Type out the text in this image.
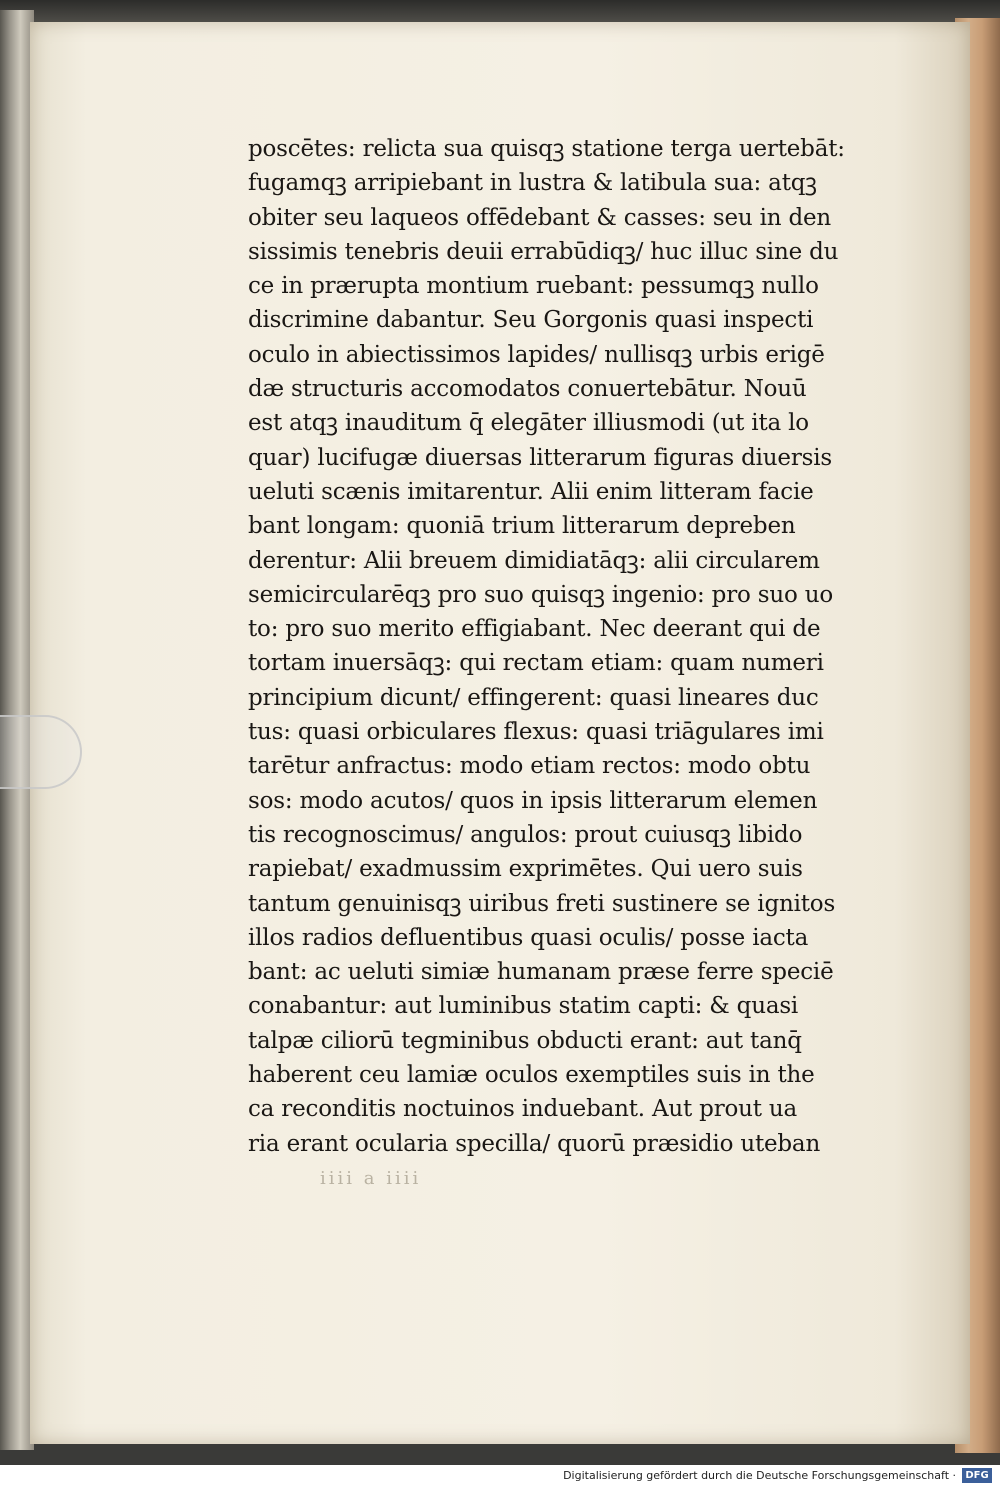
poscētes: relicta sua quisqꝫ statione terga uertebāt:
fugamqꝫ arripiebant in lustra & latibula sua: atqꝫ
obiter seu laqueos offēdebant & casses: seu in den
sissimis tenebris deuii errabūdiqꝫ/ huc illuc sine du
ce in prærupta montium ruebant: pessumqꝫ nullo
discrimine dabantur. Seu Gorgonis quasi inspecti
oculo in abiectissimos lapides/ nullisqꝫ urbis erigē
dæ structuris accomodatos conuertebātur. Nouū
est atqꝫ inauditum q̄ elegāter illiusmodi (ut ita lo
quar) lucifugæ diuersas litterarum figuras diuersis
ueluti scænis imitarentur. Alii enim litteram facie
bant longam: quoniā trium litterarum depreben
derentur: Alii breuem dimidiatāqꝫ: alii circularem
semicircularēqꝫ pro suo quisqꝫ ingenio: pro suo uo
to: pro suo merito effigiabant. Nec deerant qui de
tortam inuersāqꝫ: qui rectam etiam: quam numeri
principium dicunt/ effingerent: quasi lineares duc
tus: quasi orbiculares flexus: quasi triāgulares imi
tarētur anfractus: modo etiam rectos: modo obtu
sos: modo acutos/ quos in ipsis litterarum elemen
tis recognoscimus/ angulos: prout cuiusqꝫ libido
rapiebat/ exadmussim exprimētes. Qui uero suis
tantum genuinisqꝫ uiribus freti sustinere se ignitos
illos radios defluentibus quasi oculis/ posse iacta
bant: ac ueluti simiæ humanam præse ferre speciē
conabantur: aut luminibus statim capti: & quasi
talpæ ciliorū tegminibus obducti erant: aut tanq̄
haberent ceu lamiæ oculos exemptiles suis in the
ca reconditis noctuinos induebant. Aut prout ua
ria erant ocularia specilla/ quorū præsidio uteban
iiii a iiii
Digitalisierung gefördert durch die Deutsche Forschungsgemeinschaft · DFG
